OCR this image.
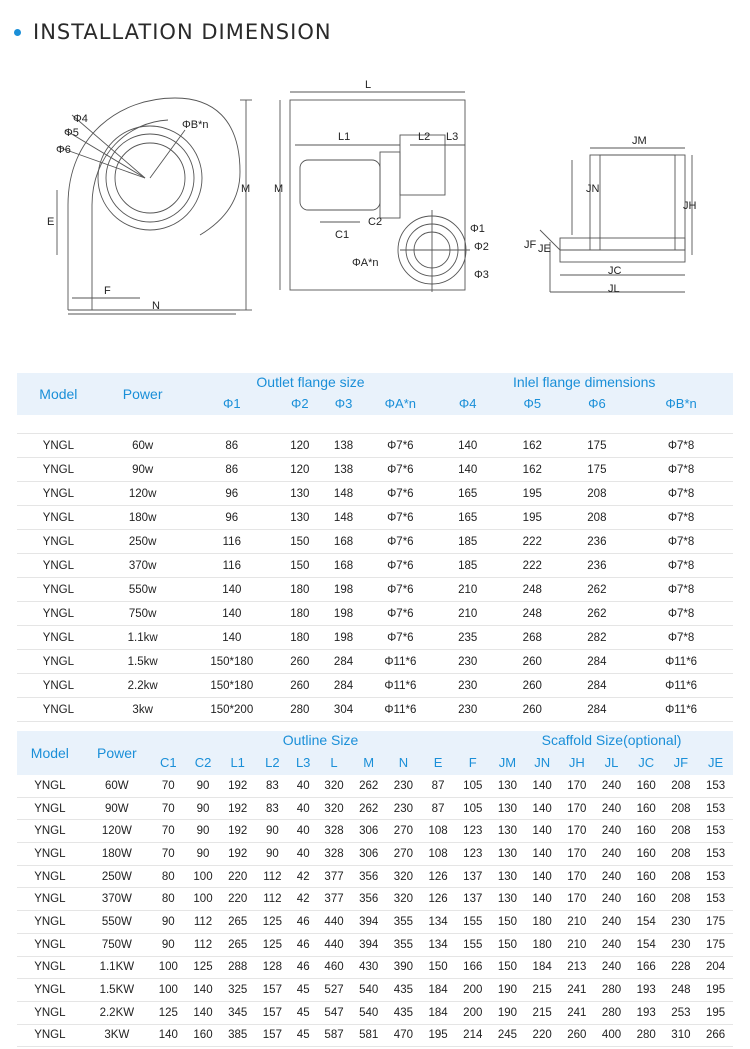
INSTALLATION DIMENSION
Φ4
Φ5
Φ6
ΦB*n
M
E
F
N
L
L1	L2 L3
M
C1
C2
ΦA*n
Φ1
Φ2
Φ3
JM
JN
JH
JF JE
JC
JL
Model	Power	Outlet flange size				Inlel flange dimensions			
		Φ1	Φ2	Φ3	ΦA*n	Φ4	Φ5	Φ6	ΦB*n

YNGL	60w	86	120	138	Φ7*6	140	162	175	Φ7*8
YNGL	90w	86	120	138	Φ7*6	140	162	175	Φ7*8
YNGL	120w	96	130	148	Φ7*6	165	195	208	Φ7*8
YNGL	180w	96	130	148	Φ7*6	165	195	208	Φ7*8
YNGL	250w	116	150	168	Φ7*6	185	222	236	Φ7*8
YNGL	370w	116	150	168	Φ7*6	185	222	236	Φ7*8
YNGL	550w	140	180	198	Φ7*6	210	248	262	Φ7*8
YNGL	750w	140	180	198	Φ7*6	210	248	262	Φ7*8
YNGL	1.1kw	140	180	198	Φ7*6	235	268	282	Φ7*8
YNGL	1.5kw	150*180	260	284	Φ11*6	230	260	284	Φ11*6
YNGL	2.2kw	150*180	260	284	Φ11*6	230	260	284	Φ11*6
YNGL	3kw	150*200	280	304	Φ11*6	230	260	284	Φ11*6
Model	Power	Outline Size										Scaffold Size(optional)						
		C1	C2	L1	L2	L3	L	M	N	E	F	JM	JN	JH	JL	JC	JF	JE
YNGL	60W	70	90	192	83	40	320	262	230	87	105	130	140	170	240	160	208	153
YNGL	90W	70	90	192	83	40	320	262	230	87	105	130	140	170	240	160	208	153
YNGL	120W	70	90	192	90	40	328	306	270	108	123	130	140	170	240	160	208	153
YNGL	180W	70	90	192	90	40	328	306	270	108	123	130	140	170	240	160	208	153
YNGL	250W	80	100	220	112	42	377	356	320	126	137	130	140	170	240	160	208	153
YNGL	370W	80	100	220	112	42	377	356	320	126	137	130	140	170	240	160	208	153
YNGL	550W	90	112	265	125	46	440	394	355	134	155	150	180	210	240	154	230	175
YNGL	750W	90	112	265	125	46	440	394	355	134	155	150	180	210	240	154	230	175
YNGL	1.1KW	100	125	288	128	46	460	430	390	150	166	150	184	213	240	166	228	204
YNGL	1.5KW	100	140	325	157	45	527	540	435	184	200	190	215	241	280	193	248	195
YNGL	2.2KW	125	140	345	157	45	547	540	435	184	200	190	215	241	280	193	253	195
YNGL	3KW	140	160	385	157	45	587	581	470	195	214	245	220	260	400	280	310	266
